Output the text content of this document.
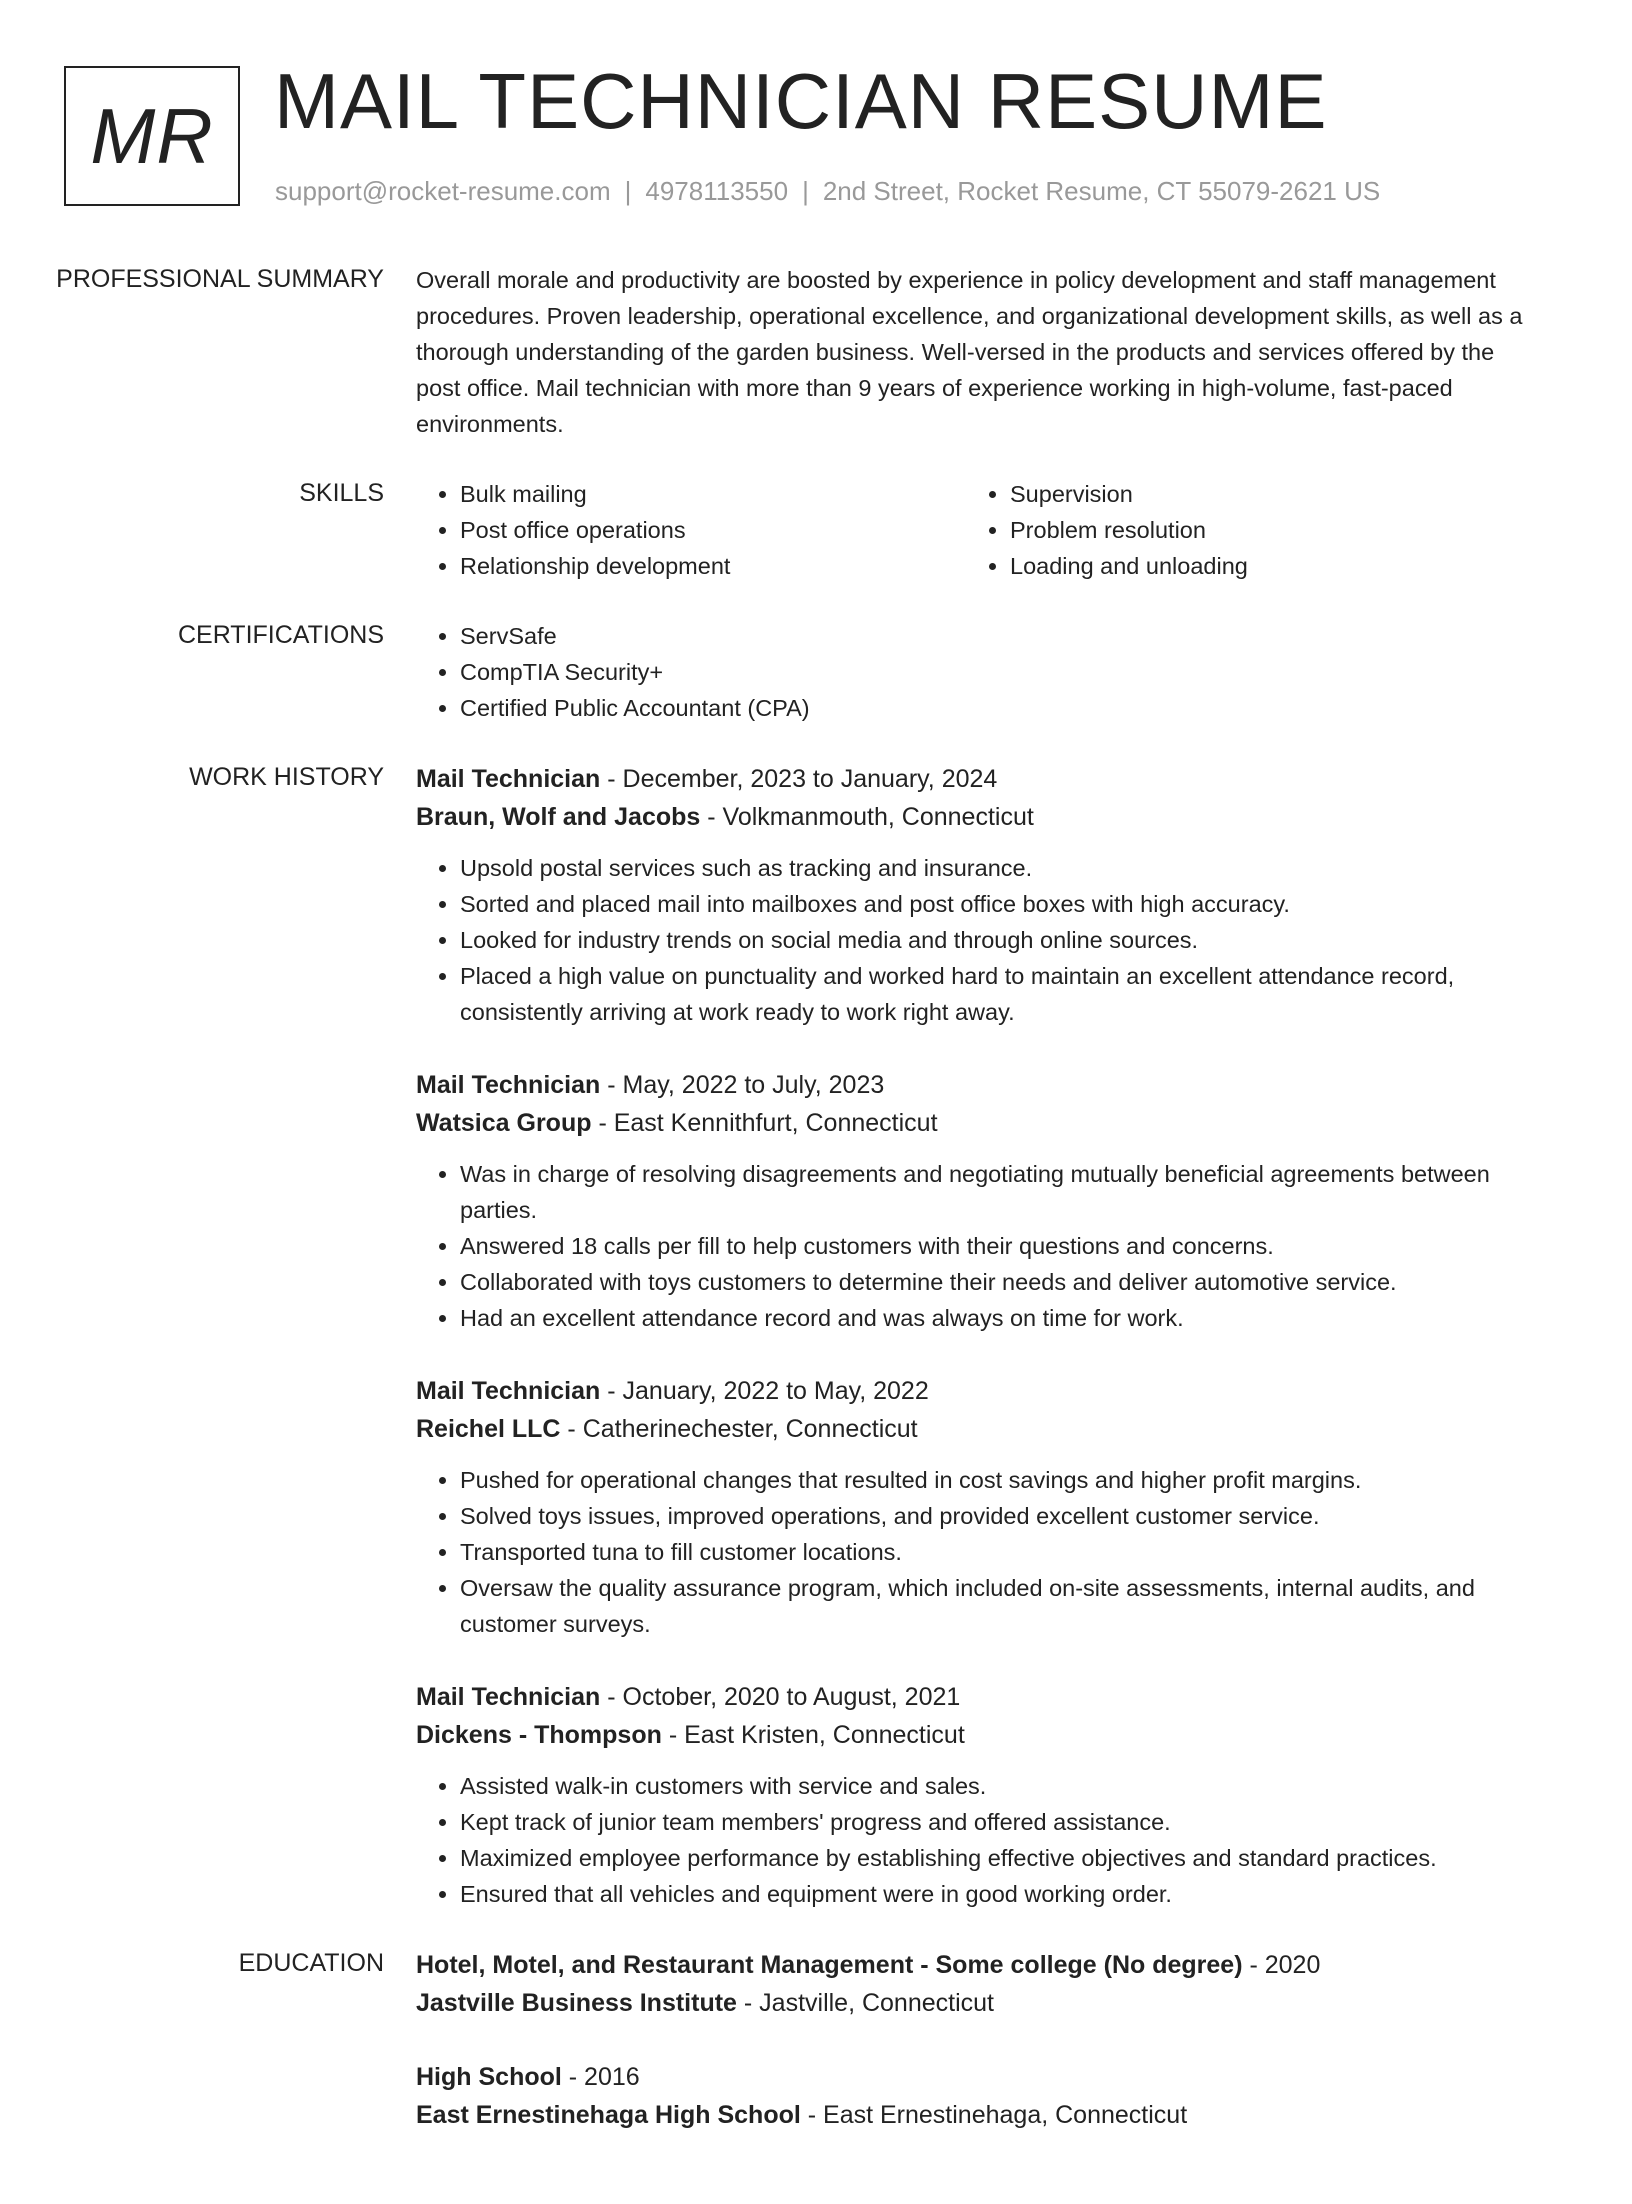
MR MAIL TECHNICIAN RESUME
support@rocket-resume.com | 4978113550 | 2nd Street, Rocket Resume, CT 55079-2621 US
PROFESSIONAL SUMMARY	Overall morale and productivity are boosted by experience in policy development and staff management procedures. Proven leadership, operational excellence, and organizational development skills, as well as a thorough understanding of the garden business. Well-versed in the products and services offered by the post office. Mail technician with more than 9 years of experience working in high-volume, fast-paced environments.

SKILLS	• Bulk mailing
• Post office operations
• Relationship development
• Supervision
• Problem resolution
• Loading and unloading
CERTIFICATIONS	• ServSafe
• CompTIA Security+
• Certified Public Accountant (CPA)
WORK HISTORY	Mail Technician - December, 2023 to January, 2024
Braun, Wolf and Jacobs - Volkmanmouth, Connecticut
• Upsold postal services such as tracking and insurance.
• Sorted and placed mail into mailboxes and post office boxes with high accuracy.
• Looked for industry trends on social media and through online sources.
• Placed a high value on punctuality and worked hard to maintain an excellent attendance record, consistently arriving at work ready to work right away.
Mail Technician - May, 2022 to July, 2023
Watsica Group - East Kennithfurt, Connecticut
• Was in charge of resolving disagreements and negotiating mutually beneficial agreements between parties.
• Answered 18 calls per fill to help customers with their questions and concerns.
• Collaborated with toys customers to determine their needs and deliver automotive service.
• Had an excellent attendance record and was always on time for work.
Mail Technician - January, 2022 to May, 2022
Reichel LLC - Catherinechester, Connecticut
• Pushed for operational changes that resulted in cost savings and higher profit margins.
• Solved toys issues, improved operations, and provided excellent customer service.
• Transported tuna to fill customer locations.
• Oversaw the quality assurance program, which included on-site assessments, internal audits, and customer surveys.
Mail Technician - October, 2020 to August, 2021
Dickens - Thompson - East Kristen, Connecticut
• Assisted walk-in customers with service and sales.
• Kept track of junior team members' progress and offered assistance.
• Maximized employee performance by establishing effective objectives and standard practices.
• Ensured that all vehicles and equipment were in good working order.
EDUCATION	Hotel, Motel, and Restaurant Management - Some college (No degree) - 2020
Jastville Business Institute - Jastville, Connecticut
High School - 2016
East Ernestinehaga High School - East Ernestinehaga, Connecticut
